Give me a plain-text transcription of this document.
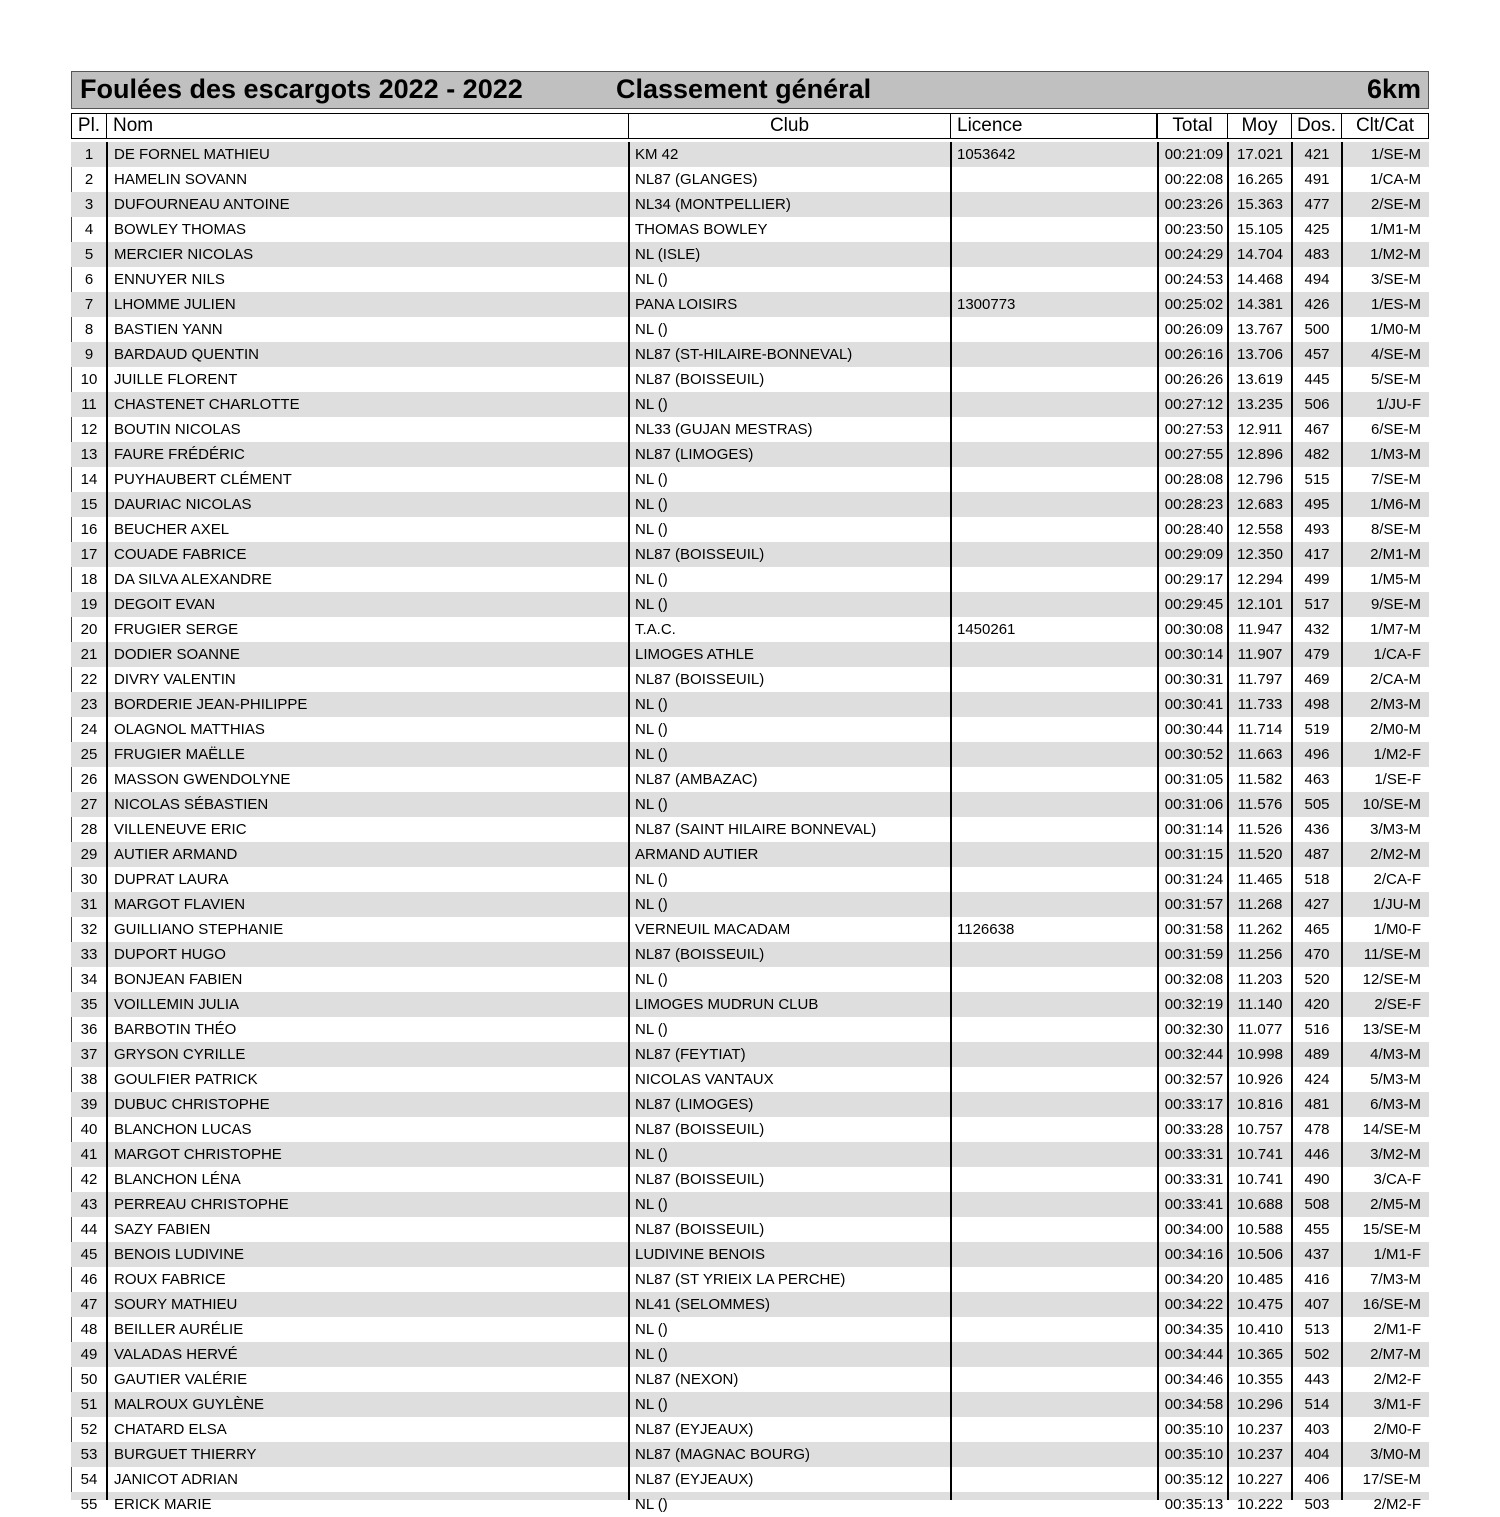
Foulées des escargots 2022 - 2022	Classement général	6km
Pl. Nom	Club	Licence	Total	Moy	Dos.	Clt/Cat
1	DE FORNEL MATHIEU	KM 42	1053642	00:21:09 17.021	421	1/SE-M
2	HAMELIN SOVANN	NL87 (GLANGES)	00:22:08 16.265	491	1/CA-M
3	DUFOURNEAU ANTOINE	NL34 (MONTPELLIER)	00:23:26 15.363	477	2/SE-M
4	BOWLEY THOMAS	THOMAS BOWLEY	00:23:50 15.105	425	1/M1-M
5	MERCIER NICOLAS	NL (ISLE)	00:24:29 14.704	483	1/M2-M
6	ENNUYER NILS	NL ()	00:24:53 14.468	494	3/SE-M
7	LHOMME JULIEN	PANA LOISIRS	1300773	00:25:02 14.381	426	1/ES-M
8	BASTIEN YANN	NL ()	00:26:09 13.767	500	1/M0-M
9	BARDAUD QUENTIN	NL87 (ST-HILAIRE-BONNEVAL)	00:26:16 13.706	457	4/SE-M
10	JUILLE FLORENT	NL87 (BOISSEUIL)	00:26:26 13.619	445	5/SE-M
11	CHASTENET CHARLOTTE	NL ()	00:27:12 13.235	506	1/JU-F
12	BOUTIN NICOLAS	NL33 (GUJAN MESTRAS)	00:27:53 12.911	467	6/SE-M
13	FAURE FRÉDÉRIC	NL87 (LIMOGES)	00:27:55 12.896	482	1/M3-M
14	PUYHAUBERT CLÉMENT	NL ()	00:28:08 12.796	515	7/SE-M
15	DAURIAC NICOLAS	NL ()	00:28:23 12.683	495	1/M6-M
16	BEUCHER AXEL	NL ()	00:28:40 12.558	493	8/SE-M
17	COUADE FABRICE	NL87 (BOISSEUIL)	00:29:09 12.350	417	2/M1-M
18	DA SILVA ALEXANDRE	NL ()	00:29:17 12.294	499	1/M5-M
19	DEGOIT EVAN	NL ()	00:29:45 12.101	517	9/SE-M
20	FRUGIER SERGE	T.A.C.	1450261	00:30:08 11.947	432	1/M7-M
21	DODIER SOANNE	LIMOGES ATHLE	00:30:14 11.907	479	1/CA-F
22	DIVRY VALENTIN	NL87 (BOISSEUIL)	00:30:31 11.797	469	2/CA-M
23	BORDERIE JEAN-PHILIPPE	NL ()	00:30:41 11.733	498	2/M3-M
24	OLAGNOL MATTHIAS	NL ()	00:30:44 11.714	519	2/M0-M
25	FRUGIER MAËLLE	NL ()	00:30:52 11.663	496	1/M2-F
26	MASSON GWENDOLYNE	NL87 (AMBAZAC)	00:31:05 11.582	463	1/SE-F
27	NICOLAS SÉBASTIEN	NL ()	00:31:06 11.576	505	10/SE-M
28	VILLENEUVE ERIC	NL87 (SAINT HILAIRE BONNEVAL)	00:31:14 11.526	436	3/M3-M
29	AUTIER ARMAND	ARMAND AUTIER	00:31:15 11.520	487	2/M2-M
30	DUPRAT LAURA	NL ()	00:31:24 11.465	518	2/CA-F
31	MARGOT FLAVIEN	NL ()	00:31:57 11.268	427	1/JU-M
32	GUILLIANO STEPHANIE	VERNEUIL MACADAM	1126638	00:31:58 11.262	465	1/M0-F
33	DUPORT HUGO	NL87 (BOISSEUIL)	00:31:59 11.256	470	11/SE-M
34	BONJEAN FABIEN	NL ()	00:32:08 11.203	520	12/SE-M
35	VOILLEMIN JULIA	LIMOGES MUDRUN CLUB	00:32:19 11.140	420	2/SE-F
36	BARBOTIN THÉO	NL ()	00:32:30 11.077	516	13/SE-M
37	GRYSON CYRILLE	NL87 (FEYTIAT)	00:32:44 10.998	489	4/M3-M
38	GOULFIER PATRICK	NICOLAS VANTAUX	00:32:57 10.926	424	5/M3-M
39	DUBUC CHRISTOPHE	NL87 (LIMOGES)	00:33:17 10.816	481	6/M3-M
40	BLANCHON LUCAS	NL87 (BOISSEUIL)	00:33:28 10.757	478	14/SE-M
41	MARGOT CHRISTOPHE	NL ()	00:33:31 10.741	446	3/M2-M
42	BLANCHON LÉNA	NL87 (BOISSEUIL)	00:33:31 10.741	490	3/CA-F
43	PERREAU CHRISTOPHE	NL ()	00:33:41 10.688	508	2/M5-M
44	SAZY FABIEN	NL87 (BOISSEUIL)	00:34:00 10.588	455	15/SE-M
45	BENOIS LUDIVINE	LUDIVINE BENOIS	00:34:16 10.506	437	1/M1-F
46	ROUX FABRICE	NL87 (ST YRIEIX LA PERCHE)	00:34:20 10.485	416	7/M3-M
47	SOURY MATHIEU	NL41 (SELOMMES)	00:34:22 10.475	407	16/SE-M
48	BEILLER AURÉLIE	NL ()	00:34:35 10.410	513	2/M1-F
49	VALADAS HERVÉ	NL ()	00:34:44 10.365	502	2/M7-M
50	GAUTIER VALÉRIE	NL87 (NEXON)	00:34:46 10.355	443	2/M2-F
51	MALROUX GUYLÈNE	NL ()	00:34:58 10.296	514	3/M1-F
52	CHATARD ELSA	NL87 (EYJEAUX)	00:35:10 10.237	403	2/M0-F
53	BURGUET THIERRY	NL87 (MAGNAC BOURG)	00:35:10 10.237	404	3/M0-M
54	JANICOT ADRIAN	NL87 (EYJEAUX)	00:35:12 10.227	406	17/SE-M
55	ERICK MARIE	NL ()	00:35:13 10.222	503	2/M2-F
